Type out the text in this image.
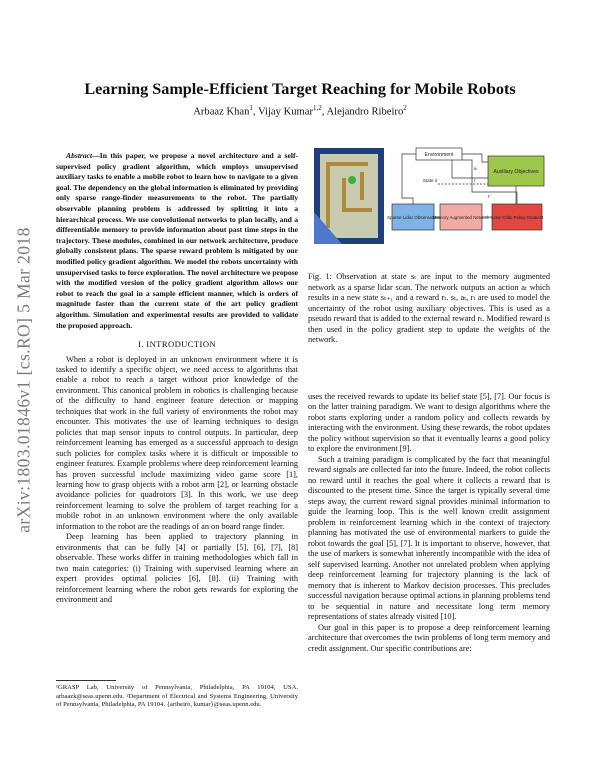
arXiv:1803.01846v1 [cs.RO] 5 Mar 2018
Learning Sample-Efficient Target Reaching for Mobile Robots
Arbaaz Khan$^1$, Vijay Kumar$^{1,2}$, Alejandro Ribeiro$^2$

Abstract—In this paper, we propose a novel architecture and a self-supervised policy gradient algorithm, which employs unsupervised auxiliary tasks to enable a mobile robot to learn how to navigate to a given goal. The dependency on the global information is eliminated by providing only sparse range-finder measurements to the robot. The partially observable planning problem is addressed by splitting it into a hierarchical process. We use convolutional networks to plan locally, and a differentiable memory to provide information about past time steps in the trajectory. These modules, combined in our network architecture, produce globally consistent plans. The sparse reward problem is mitigated by our modified policy gradient algorithm. We model the robots uncertainty with unsupervised tasks to force exploration. The novel architecture we propose with the modified version of the policy gradient algorithm allows our robot to reach the goal in a sample efficient manner, which is orders of magnitude faster than the current state of the art policy gradient algorithm. Simulation and experimental results are provided to validate the proposed approach.

I. INTRODUCTION

When a robot is deployed in an unknown environment where it is tasked to identify a specific object, we need access to algorithms that enable a robot to reach a target without prior knowledge of the environment. This canonical problem in robotics is challenging because of the difficulty to hand engineer feature detection or mapping techniques that work in the full variety of environments the robot may encounter. This motivates the use of learning techniques to design policies that map sensor inputs to control outputs. In particular, deep reinforcement learning has emerged as a successful approach to design such policies for complex tasks where it is difficult or impossible to engineer features. Example problems where deep reinforcement learning has proven successful include maximizing video game score [1], learning how to grasp objects with a robot arm [2], or learning obstacle avoidance policies for quadrotors [3]. In this work, we use deep reinforcement learning to solve the problem of target reaching for a mobile robot in an unknown environment where the only available information to the robot are the readings of an on board range finder.

Deep learning has been applied to trajectory planning in environments that can be fully [4] or partially [5], [6], [7], [8] observable. These works differ in training methodologies which fall in two main categories: (i) Training with supervised learning where an expert provides optimal policies [6], [8]. (ii) Training with reinforcement learning where the robot gets rewards for exploring the environment and

¹GRASP Lab, University of Pennsylvania, Philadelphia, PA 19104, USA. arbaazk@seas.upenn.edu. ²Department of Electrical and Systems Engineering, University of Pennsylvania, Philadelphia, PA 19104. {aribeiro, kumar}@seas.upenn.edu.
Environment
Auxiliary Objectives
Sparse Lidar Observation
Memory Augmented Network Actor-Critic Policy Gradient
State s
a
r
r'
Fig. 1: Observation at state sₜ are input to the memory augmented network as a sparse lidar scan. The network outputs an action aₜ which results in a new state sₜ₊₁ and a reward rₜ. sₜ, aₜ, rₜ are used to model the uncertainty of the robot using auxiliary objectives. This is used as a pseudo reward that is added to the external reward rₜ. Modified reward is then used in the policy gradient step to update the weights of the network.

uses the received rewards to update its belief state [5], [7]. Our focus is on the latter training paradigm. We want to design algorithms where the robot starts exploring under a random policy and collects rewards by interacting with the environment. Using these rewards, the robot updates the policy without supervision so that it eventually learns a good policy to explore the environment [9].

Such a training paradigm is complicated by the fact that meaningful reward signals are collected far into the future. Indeed, the robot collects no reward until it reaches the goal where it collects a reward that is discounted to the present time. Since the target is typically several time steps away, the current reward signal provides minimal information to guide the learning loop. This is the well known credit assignment problem in reinforcement learning which in the context of trajectory planning has motivated the use of environmental markers to guide the robot towards the goal [5], [7]. It is important to observe, however, that the use of markers is somewhat inherently incompatible with the idea of self supervised learning. Another not unrelated problem when applying deep reinforcement learning for trajectory planning is the lack of memory that is inherent to Markov decision processes. This precludes successful navigation because optimal actions in planning problems tend to be sequential in nature and necessitate long term memory representations of states already visited [10].

Our goal in this paper is to propose a deep reinforcement learning architecture that overcomes the twin problems of long term memory and credit assignment. Our specific contributions are:
